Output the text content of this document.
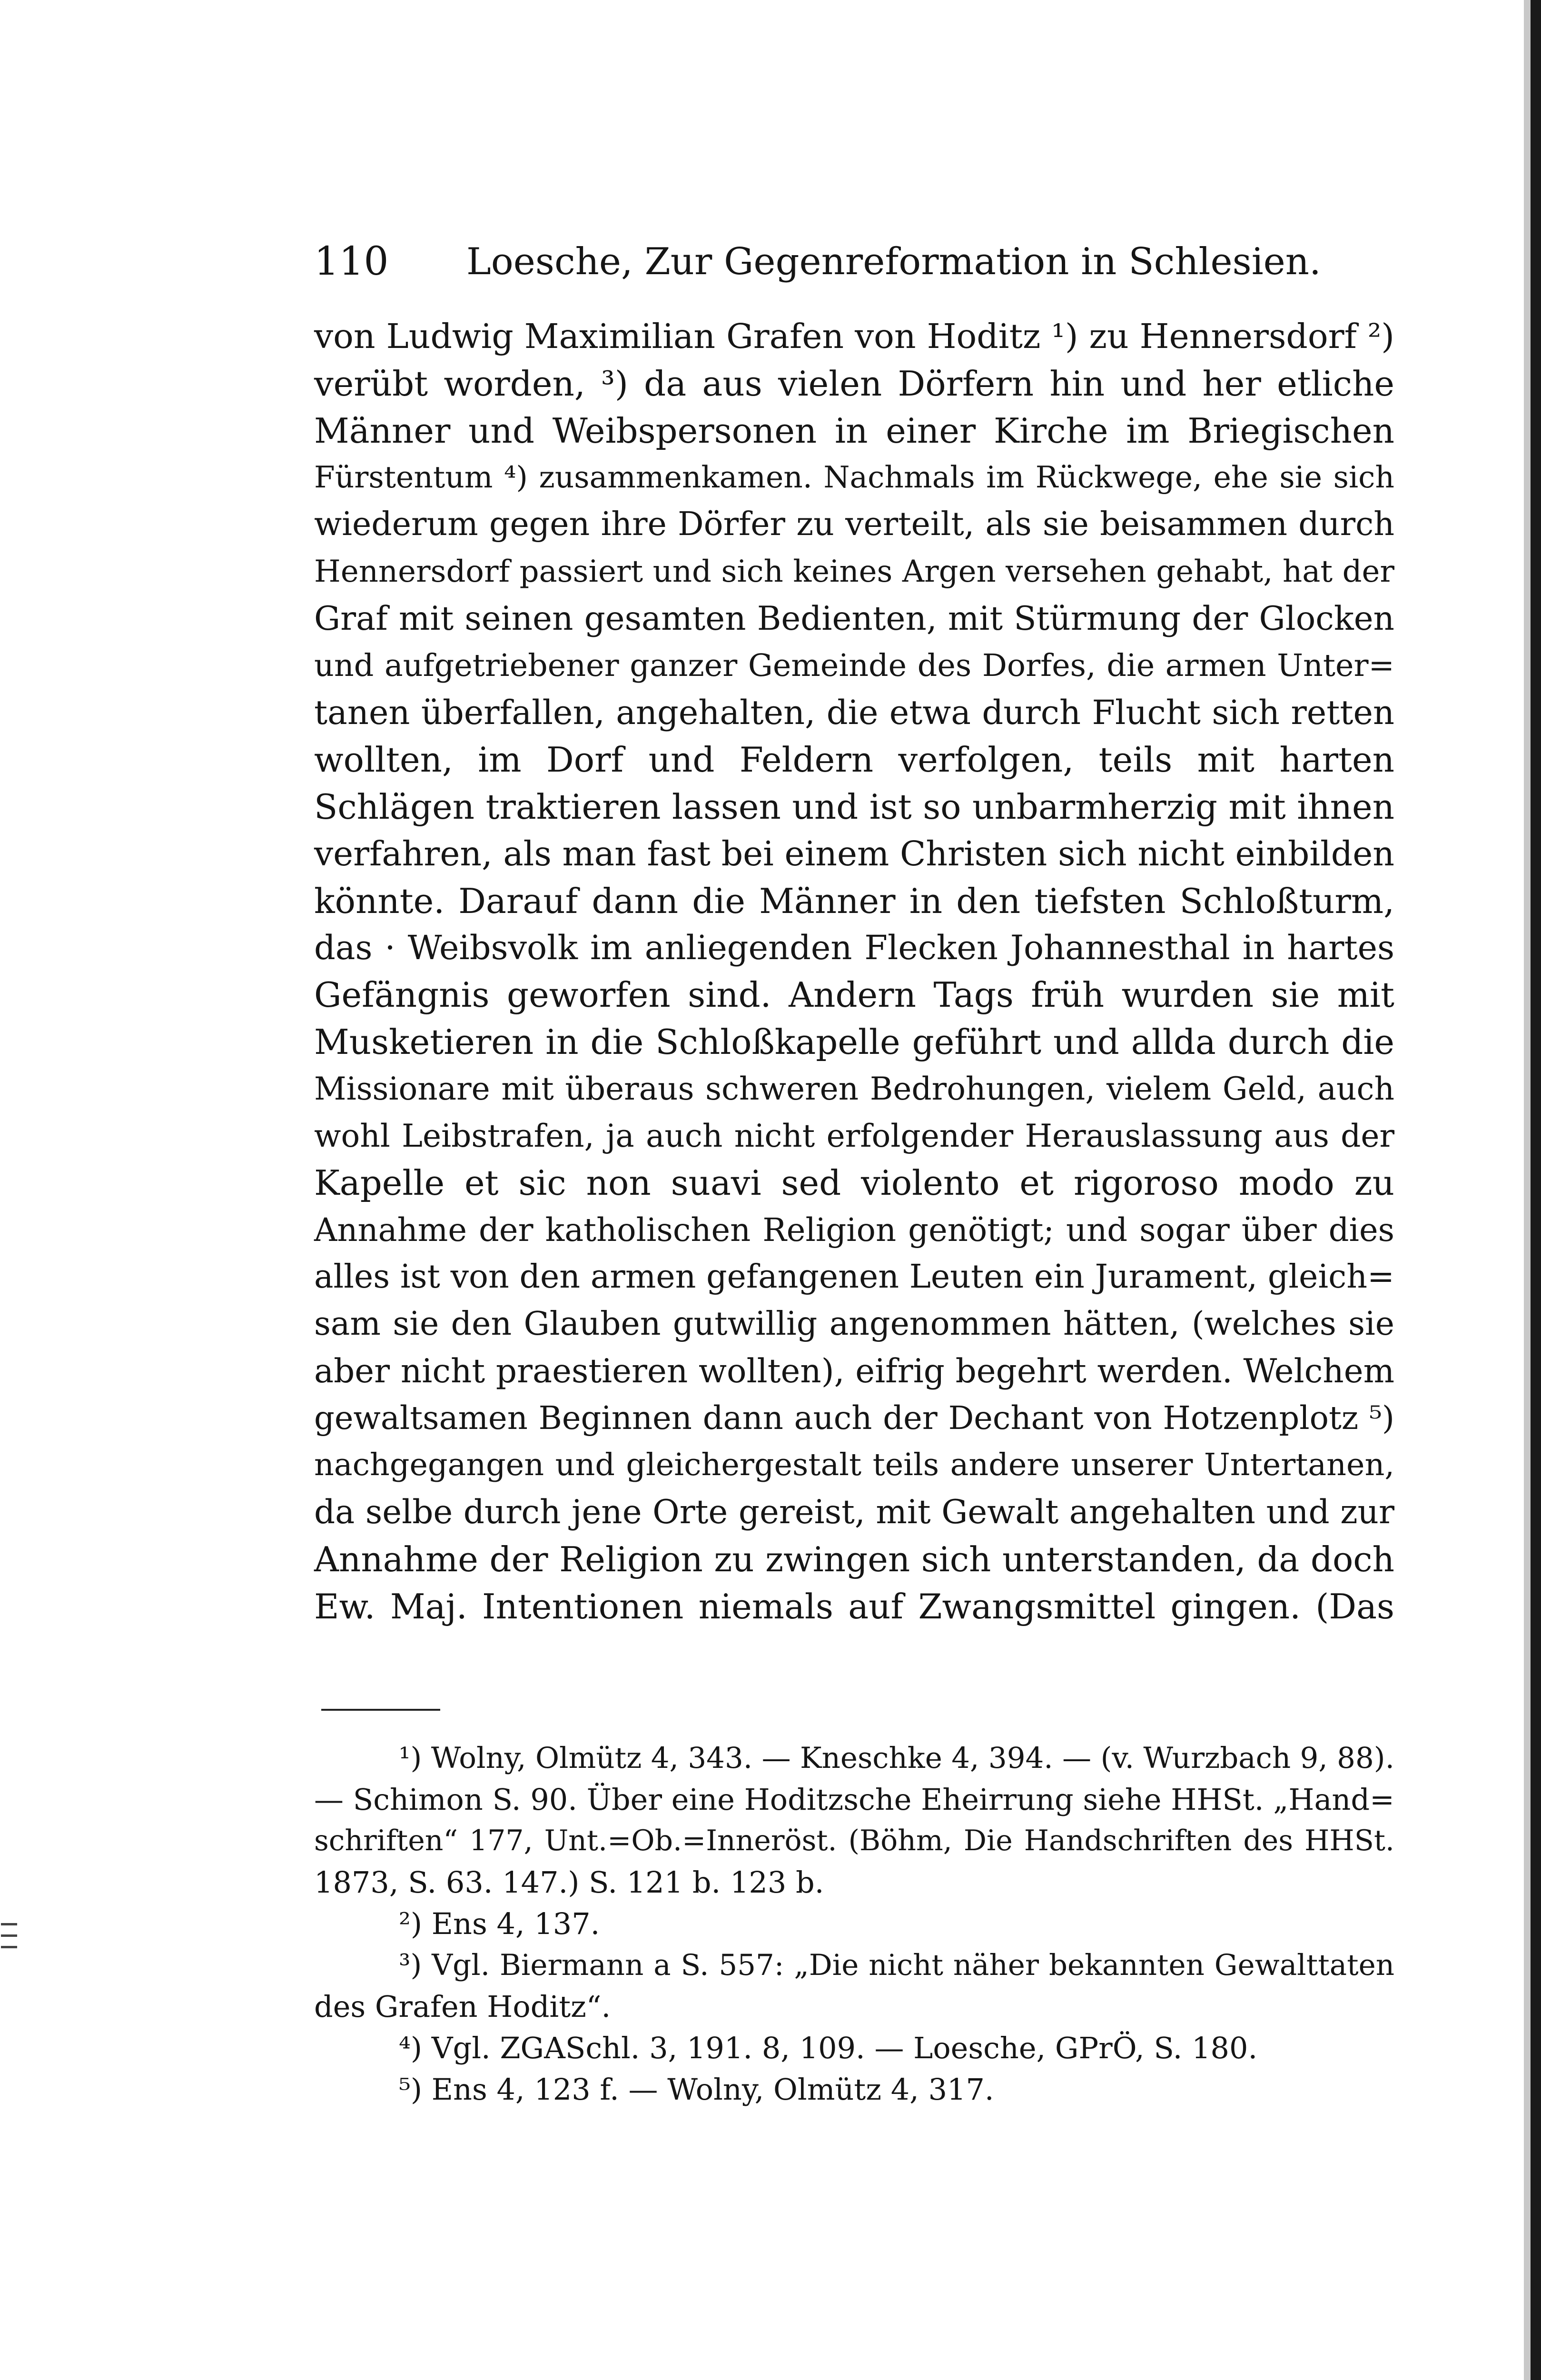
110 Loesche, Zur Gegenreformation in Schlesien.
von Ludwig Maximilian Grafen von Hoditz ¹) zu Hennersdorf ²)
verübt worden, ³) da aus vielen Dörfern hin und her etliche
Männer und Weibspersonen in einer Kirche im Briegischen
Fürstentum ⁴) zusammenkamen. Nachmals im Rückwege, ehe sie sich
wiederum gegen ihre Dörfer zu verteilt, als sie beisammen durch
Hennersdorf passiert und sich keines Argen versehen gehabt, hat der
Graf mit seinen gesamten Bedienten, mit Stürmung der Glocken
und aufgetriebener ganzer Gemeinde des Dorfes, die armen Unter=
tanen überfallen, angehalten, die etwa durch Flucht sich retten
wollten, im Dorf und Feldern verfolgen, teils mit harten
Schlägen traktieren lassen und ist so unbarmherzig mit ihnen
verfahren, als man fast bei einem Christen sich nicht einbilden
könnte. Darauf dann die Männer in den tiefsten Schloßturm,
das · Weibsvolk im anliegenden Flecken Johannesthal in hartes
Gefängnis geworfen sind. Andern Tags früh wurden sie mit
Musketieren in die Schloßkapelle geführt und allda durch die
Missionare mit überaus schweren Bedrohungen, vielem Geld, auch
wohl Leibstrafen, ja auch nicht erfolgender Herauslassung aus der
Kapelle et sic non suavi sed violento et rigoroso modo zu
Annahme der katholischen Religion genötigt; und sogar über dies
alles ist von den armen gefangenen Leuten ein Jurament, gleich=
sam sie den Glauben gutwillig angenommen hätten, (welches sie
aber nicht praestieren wollten), eifrig begehrt werden. Welchem
gewaltsamen Beginnen dann auch der Dechant von Hotzenplotz ⁵)
nachgegangen und gleichergestalt teils andere unserer Untertanen,
da selbe durch jene Orte gereist, mit Gewalt angehalten und zur
Annahme der Religion zu zwingen sich unterstanden, da doch
Ew. Maj. Intentionen niemals auf Zwangsmittel gingen. (Das
¹) Wolny, Olmütz 4, 343. — Kneschke 4, 394. — (v. Wurzbach 9, 88).
— Schimon S. 90. Über eine Hoditzsche Eheirrung siehe HHSt. „Hand=
schriften“ 177, Unt.=Ob.=Inneröst. (Böhm, Die Handschriften des HHSt.
1873, S. 63. 147.) S. 121 b. 123 b.
²) Ens 4, 137.
³) Vgl. Biermann a S. 557: „Die nicht näher bekannten Gewalttaten
des Grafen Hoditz“.
⁴) Vgl. ZGASchl. 3, 191. 8, 109. — Loesche, GPrÖ, S. 180.
⁵) Ens 4, 123 f. — Wolny, Olmütz 4, 317.
